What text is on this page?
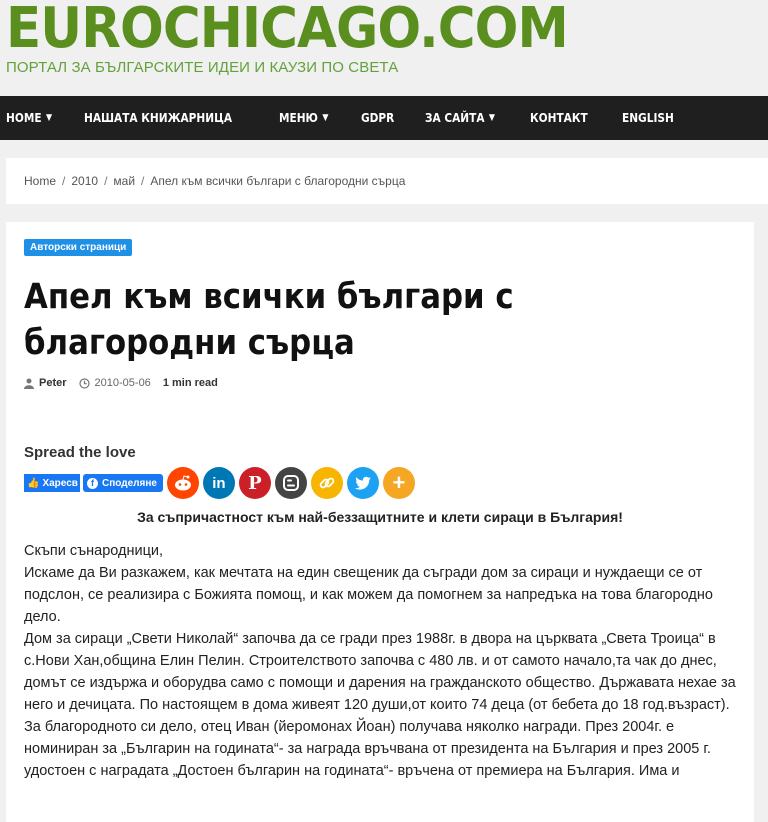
EUROCHICAGO.COM
ПОРТАЛ ЗА БЪЛГАРСКИТЕ ИДЕИ И КАУЗИ ПО СВЕТА
HOME ▼	НАШАТА КНИЖАРНИЦА	МЕНЮ ▼	GDPR	ЗА САЙТА ▼	КОНТАКТ	ENGLISH
Home / 2010 / май / Апел към всички българи с благородни сърца
Авторски страници
Апел към всички българи с благородни сърца
Peter	2010-05-06 1 min read
Spread the love
👍 Харесв	f Споделяне	in P	+
За съпричастност към най-беззащитните и клети сираци в България!

Скъпи сънародници,

Искаме да Ви разкажем, как мечтата на един свещеник да съгради дом за сираци и нуждаещи се от подслон, се реализира с Божията помощ, и как можем да помогнем за напредъка на това благородно дело.

Дом за сираци „Свети Николай“ започва да се гради през 1988г. в двора на църквата „Света Троица“ в с.Нови Хан,община Елин Пелин. Строителството започва с 480 лв. и от самото начало,та чак до днес, домът се издържа и оборудва само с помощи и дарения на гражданското общество. Държавата нехае за него и дечицата. По настоящем в дома живеят 120 души,от които 74 деца (от бебета до 18 год.възраст).

За благородното си дело, отец Иван (йеромонах Йоан) получава няколко награди. През 2004г. е номиниран за „Българин на годината“- за награда връчвана от президента на България и през 2005 г. удостоен с наградата „Достоен българин на годината“- връчена от премиера на България. Има и
